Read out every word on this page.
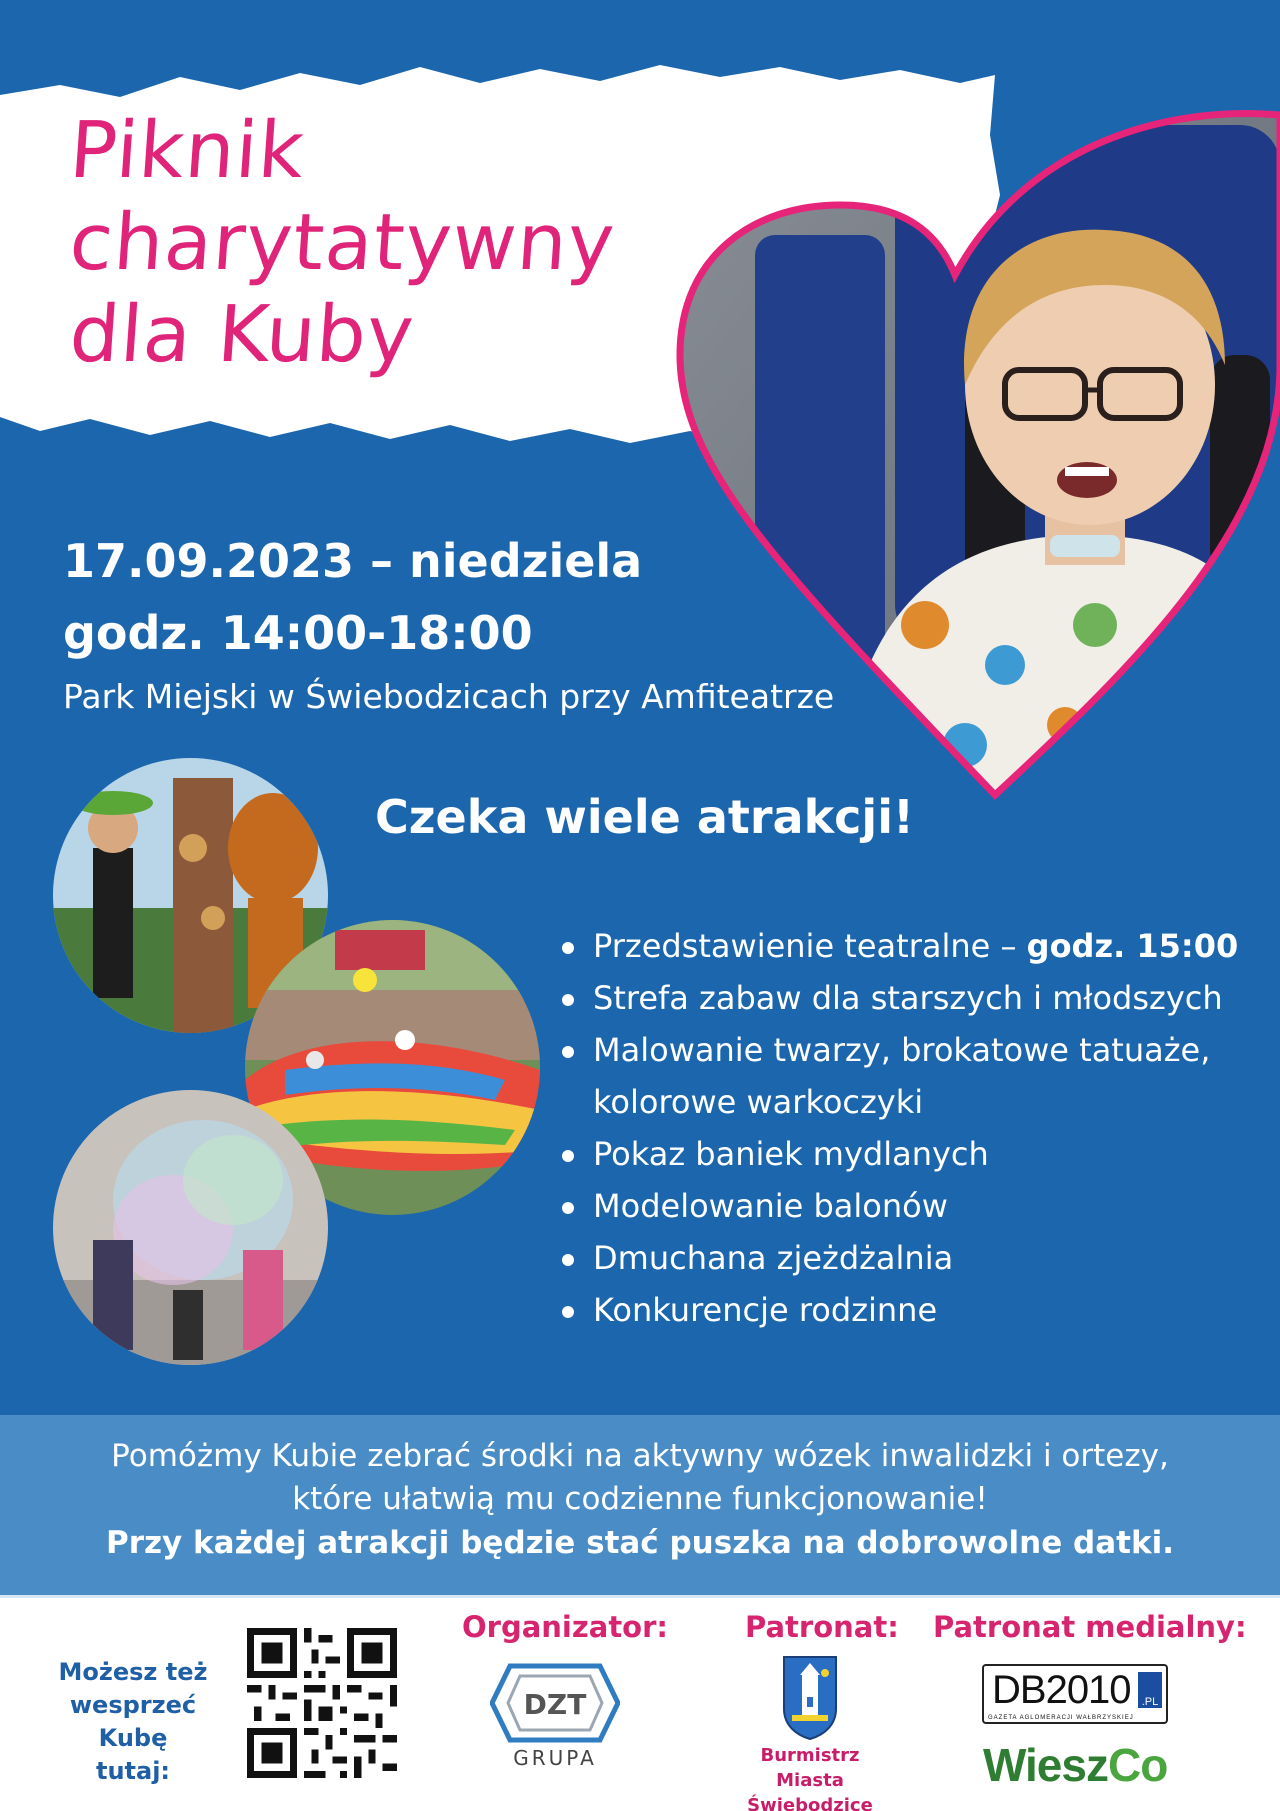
Piknik
charytatywny
dla Kuby
17.09.2023 – niedziela
godz. 14:00-18:00
Park Miejski w Świebodzicach przy Amfiteatrze
Czeka wiele atrakcji!
Przedstawienie teatralne – godz. 15:00
Strefa zabaw dla starszych i młodszych
Malowanie twarzy, brokatowe tatuaże,
kolorowe warkoczyki
Pokaz baniek mydlanych
Modelowanie balonów
Dmuchana zjeżdżalnia
Konkurencje rodzinne
Pomóżmy Kubie zebrać środki na aktywny wózek inwalidzki i ortezy,
które ułatwią mu codzienne funkcjonowanie!
Przy każdej atrakcji będzie stać puszka na dobrowolne datki.
Możesz też
wesprzeć
Kubę tutaj:
Organizator:
DZT
GRUPA
Patronat:
Burmistrz Miasta
Świebodzice
Patronat medialny:
DB2010	.PL
GAZETA AGLOMERACJI WAŁBRZYSKIEJ
WieszCo
